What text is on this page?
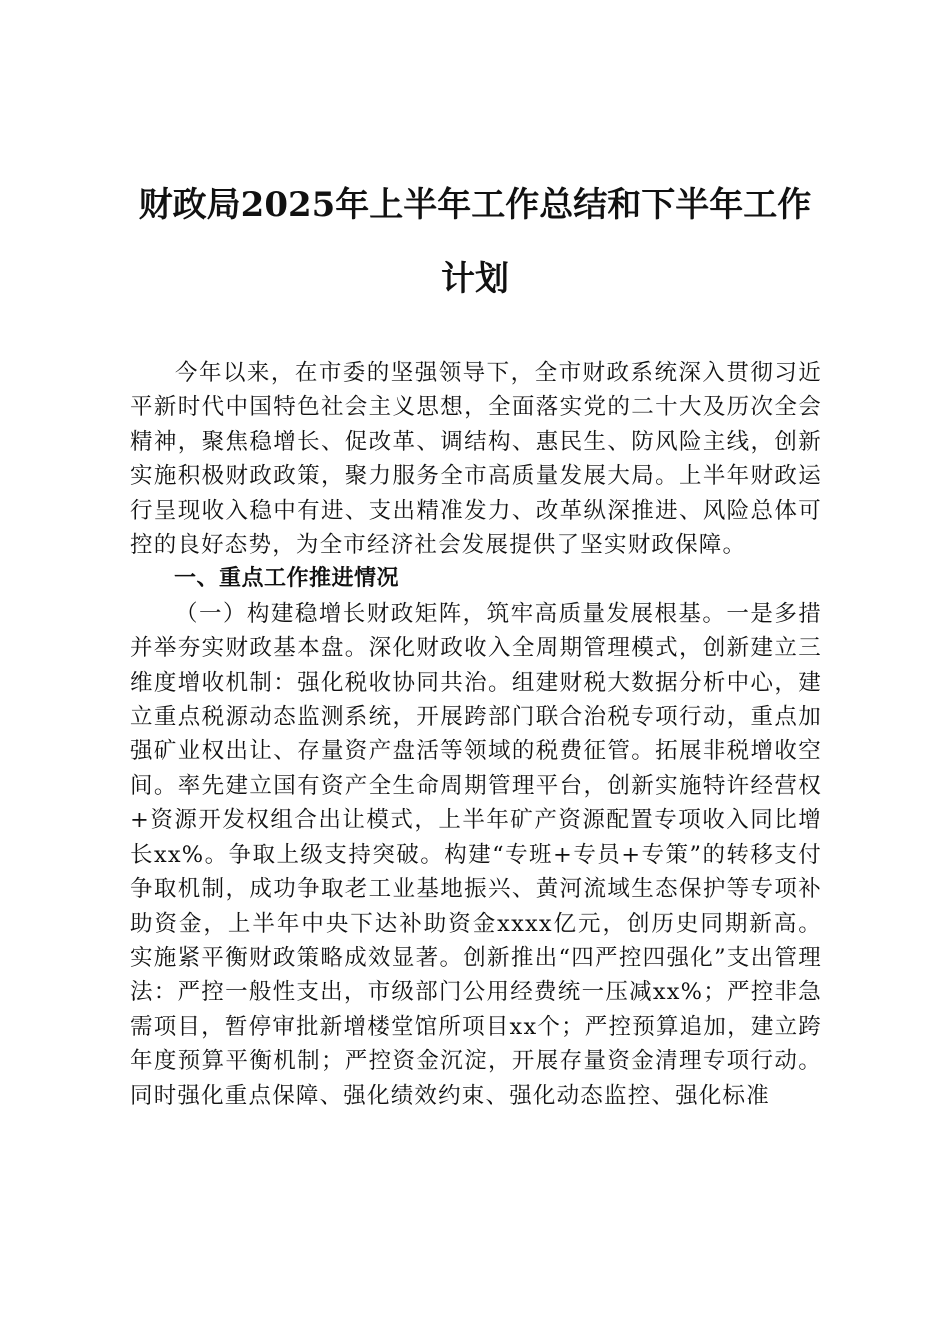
财政局2025年上半年工作总结和下半年工作
计划

今年以来，在市委的坚强领导下，全市财政系统深入贯彻习近平新时代中国特色社会主义思想，全面落实党的二十大及历次全会精神，聚焦稳增长、促改革、调结构、惠民生、防风险主线，创新实施积极财政政策，聚力服务全市高质量发展大局。上半年财政运行呈现收入稳中有进、支出精准发力、改革纵深推进、风险总体可控的良好态势，为全市经济社会发展提供了坚实财政保障。

一、重点工作推进情况

（一）构建稳增长财政矩阵，筑牢高质量发展根基。一是多措并举夯实财政基本盘。深化财政收入全周期管理模式，创新建立三维度增收机制：强化税收协同共治。组建财税大数据分析中心，建立重点税源动态监测系统，开展跨部门联合治税专项行动，重点加强矿业权出让、存量资产盘活等领域的税费征管。拓展非税增收空间。率先建立国有资产全生命周期管理平台，创新实施特许经营权+资源开发权组合出让模式，上半年矿产资源配置专项收入同比增长xx%。争取上级支持突破。构建“专班+专员+专策”的转移支付争取机制，成功争取老工业基地振兴、黄河流域生态保护等专项补助资金，上半年中央下达补助资金xxxx亿元，创历史同期新高。实施紧平衡财政策略成效显著。创新推出“四严控四强化”支出管理法：严控一般性支出，市级部门公用经费统一压减xx%；严控非急需项目，暂停审批新增楼堂馆所项目xx个；严控预算追加，建立跨年度预算平衡机制；严控资金沉淀，开展存量资金清理专项行动。同时强化重点保障、强化绩效约束、强化动态监控、强化标准
